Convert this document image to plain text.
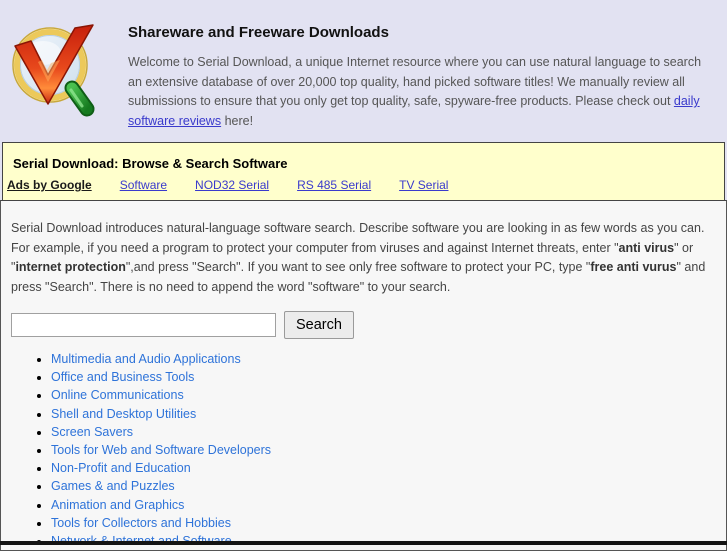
Shareware and Freeware Downloads

Welcome to Serial Download, a unique Internet resource where you can use natural language to search an extensive database of over 20,000 top quality, hand picked software titles! We manually review all submissions to ensure that you only get top quality, safe, spyware-free products. Please check out daily software reviews here!

Serial Download: Browse & Search Software
Ads by Google Software NOD32 Serial RS 485 Serial TV Serial

Serial Download introduces natural-language software search. Describe software you are looking in as few words as you can. For example, if you need a program to protect your computer from viruses and against Internet threats, enter "anti virus" or "internet protection",and press "Search". If you want to see only free software to protect your PC, type "free anti vurus" and press "Search". There is no need to append the word "software" to your search.

Search
• Multimedia and Audio Applications
• Office and Business Tools
• Online Communications
• Shell and Desktop Utilities
• Screen Savers
• Tools for Web and Software Developers
• Non-Profit and Education
• Games & and Puzzles
• Animation and Graphics
• Tools for Collectors and Hobbies
•
